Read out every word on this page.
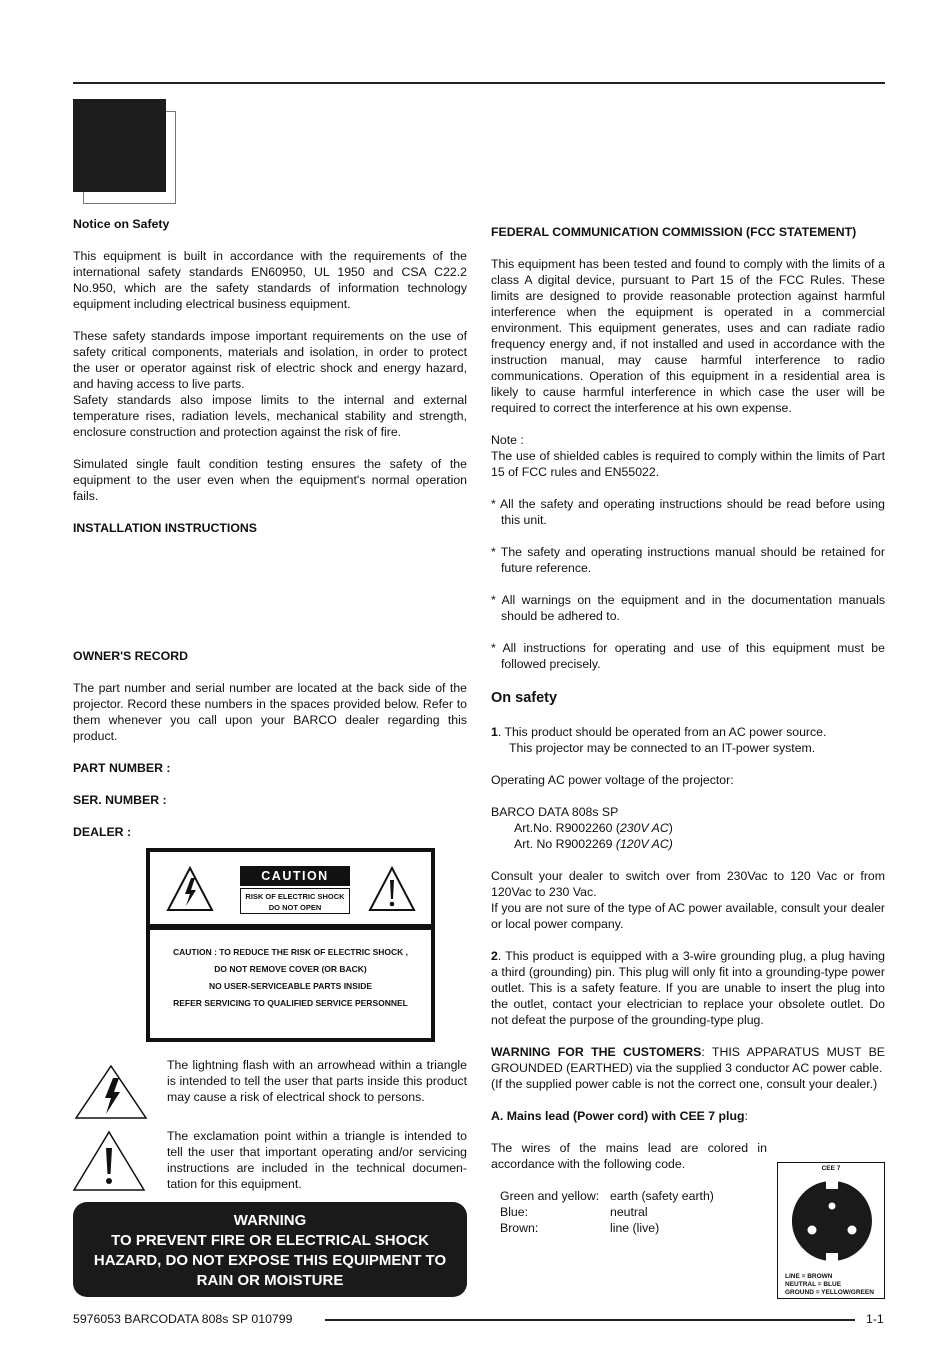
Notice on Safety

This equipment is built in accordance with the requirements of the international safety standards EN60950, UL 1950 and CSA C22.2 No.950, which are the safety standards of information technology equipment including electrical business equipment.

These safety standards impose important requirements on the use of safety critical components, materials and isolation, in order to protect the user or operator against risk of electric shock and energy hazard, and having access to live parts.

Safety standards also impose limits to the internal and external temperature rises, radiation levels, mechanical stability and strength, enclosure construction and protection against the risk of fire.

Simulated single fault condition testing ensures the safety of the equipment to the user even when the equipment's normal operation fails.

INSTALLATION INSTRUCTIONS
OWNER'S RECORD

The part number and serial number are located at the back side of the projector. Record these numbers in the spaces provided below. Refer to them whenever you call upon your BARCO dealer regarding this product.

PART NUMBER :
SER. NUMBER :
DEALER :
CAUTION
RISK OF ELECTRIC SHOCK
DO NOT OPEN
CAUTION : TO REDUCE THE RISK OF ELECTRIC SHOCK ,
DO NOT REMOVE COVER (OR BACK)
NO USER-SERVICEABLE PARTS INSIDE
REFER SERVICING TO QUALIFIED SERVICE PERSONNEL
The lightning flash with an arrowhead within a triangle is intended to tell the user that parts inside this product may cause a risk of electrical shock to persons.
The exclamation point within a triangle is intended to tell the user that important operating and/or servicing instructions are included in the technical documen-tation for this equipment.
WARNING
TO PREVENT FIRE OR ELECTRICAL SHOCK
HAZARD, DO NOT EXPOSE THIS EQUIPMENT TO
RAIN OR MOISTURE
FEDERAL COMMUNICATION COMMISSION (FCC STATEMENT)

This equipment has been tested and found to comply with the limits of a class A digital device, pursuant to Part 15 of the FCC Rules. These limits are designed to provide reasonable protection against harmful interference when the equipment is operated in a commercial environment. This equipment generates, uses and can radiate radio frequency energy and, if not installed and used in accordance with the instruction manual, may cause harmful interference to radio communications. Operation of this equipment in a residential area is likely to cause harmful interference in which case the user will be required to correct the interference at his own expense.

Note :

The use of shielded cables is required to comply within the limits of Part 15 of FCC rules and EN55022.

* All the safety and operating instructions should be read before using this unit.
* The safety and operating instructions manual should be retained for future reference.
* All warnings on the equipment and in the documentation manuals should be adhered to.
* All instructions for operating and use of this equipment must be followed precisely.
On safety

1. This product should be operated from an AC power source.

This projector may be connected to an IT-power system.

Operating AC power voltage of the projector:

BARCO DATA 808s SP

Art.No. R9002260 (230V AC)

Art. No R9002269 (120V AC)

Consult your dealer to switch over from 230Vac to 120 Vac or from 120Vac to 230 Vac.

If you are not sure of the type of AC power available, consult your dealer or local power company.

2. This product is equipped with a 3-wire grounding plug, a plug having a third (grounding) pin. This plug will only fit into a grounding-type power outlet. This is a safety feature. If you are unable to insert the plug into the outlet, contact your electrician to replace your obsolete outlet. Do not defeat the purpose of the grounding-type plug.

WARNING FOR THE CUSTOMERS: THIS APPARATUS MUST BE GROUNDED (EARTHED) via the supplied 3 conductor AC power cable.

(If the supplied power cable is not the correct one, consult your dealer.)

A. Mains lead (Power cord) with CEE 7 plug:

The wires of the mains lead are colored in accordance with the following code.

Green and yellow: earth (safety earth)
Blue:	neutral
Brown:	line (live)
CEE 7
LINE = BROWN
NEUTRAL = BLUE
GROUND = YELLOW/GREEN
5976053 BARCODATA 808s SP 010799	1-1
